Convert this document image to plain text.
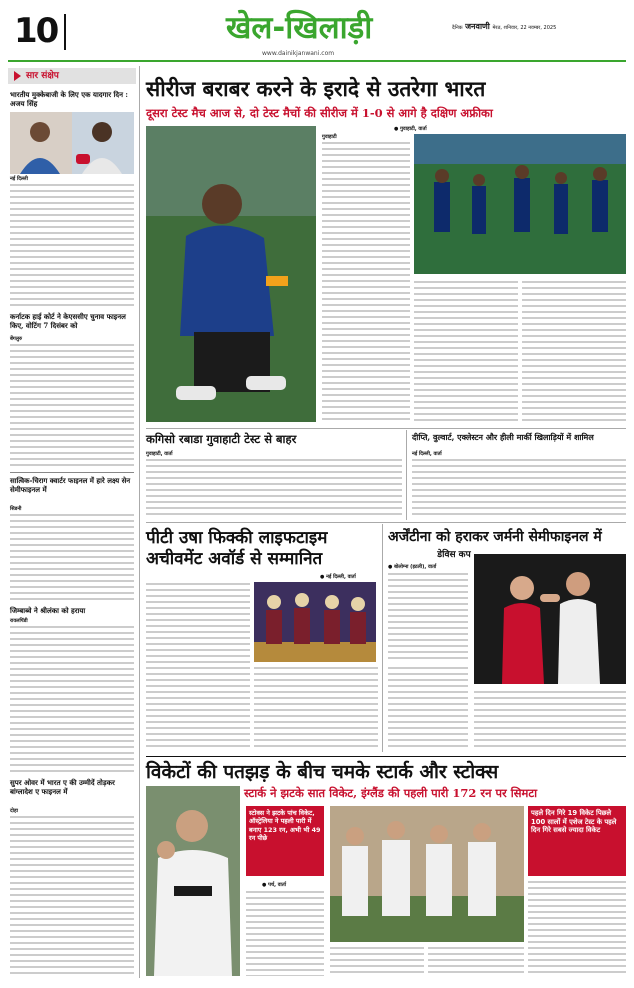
10	खेल-खिलाड़ी	दैनिक जनवाणी मेरठ, शनिवार, 22 नवम्बर, 2025
www.dainikjanwani.com
सार संक्षेप
भारतीय मुक्केबाजी के लिए एक यादगार दिन : अजय सिंह
नई दिल्ली
कर्नाटक हाई कोर्ट ने केएससीए चुनाव फाइनल किए, वोटिंग 7 दिसंबर को
बेंगलुरु
सात्विक-चिराग क्वार्टर फाइनल में हारे लक्ष्य सेन सेमीफाइनल में
सिडनी
जिम्बाब्वे ने श्रीलंका को हराया
रावलपिंडी
सुपर ओवर में भारत ए की उम्मीदें तोड़कर बांग्लादेश ए फाइनल में
दोहा
सीरीज बराबर करने के इरादे से उतरेगा भारत
दूसरा टेस्ट मैच आज से, दो टेस्ट मैचों की सीरीज में 1-0 से आगे है दक्षिण अफ्रीका
● गुवाहाटी, वार्ता
गुवाहाटी
कगिसो रबाडा गुवाहाटी टेस्ट से बाहर
गुवाहाटी, वार्ता
दीप्ति, वुल्वार्ट, एक्लेस्टन और हीली मार्की खिलाड़ियों में शामिल
नई दिल्ली, वार्ता
पीटी उषा फिक्की लाइफटाइम अचीवमेंट अवॉर्ड से सम्मानित
● नई दिल्ली, वार्ता
अर्जेंटीना को हराकर जर्मनी सेमीफाइनल में
डेविस कप
● बोलोग्ना (इटली), वार्ता
विकेटों की पतझड़ के बीच चमके स्टार्क और स्टोक्स
स्टार्क ने झटके सात विकेट, इंग्लैंड की पहली पारी 172 रन पर सिमटा
स्टोक्स ने झटके पांच विकेट, ऑस्ट्रेलिया ने पहली पारी में बनाए 123 रन, अभी भी 49 रन पीछे
● पर्थ, वार्ता
पहले दिन गिरे 19 विकेट पिछले 100 सालों में एशेज टेस्ट के पहले दिन गिरे सबसे ज्यादा विकेट
